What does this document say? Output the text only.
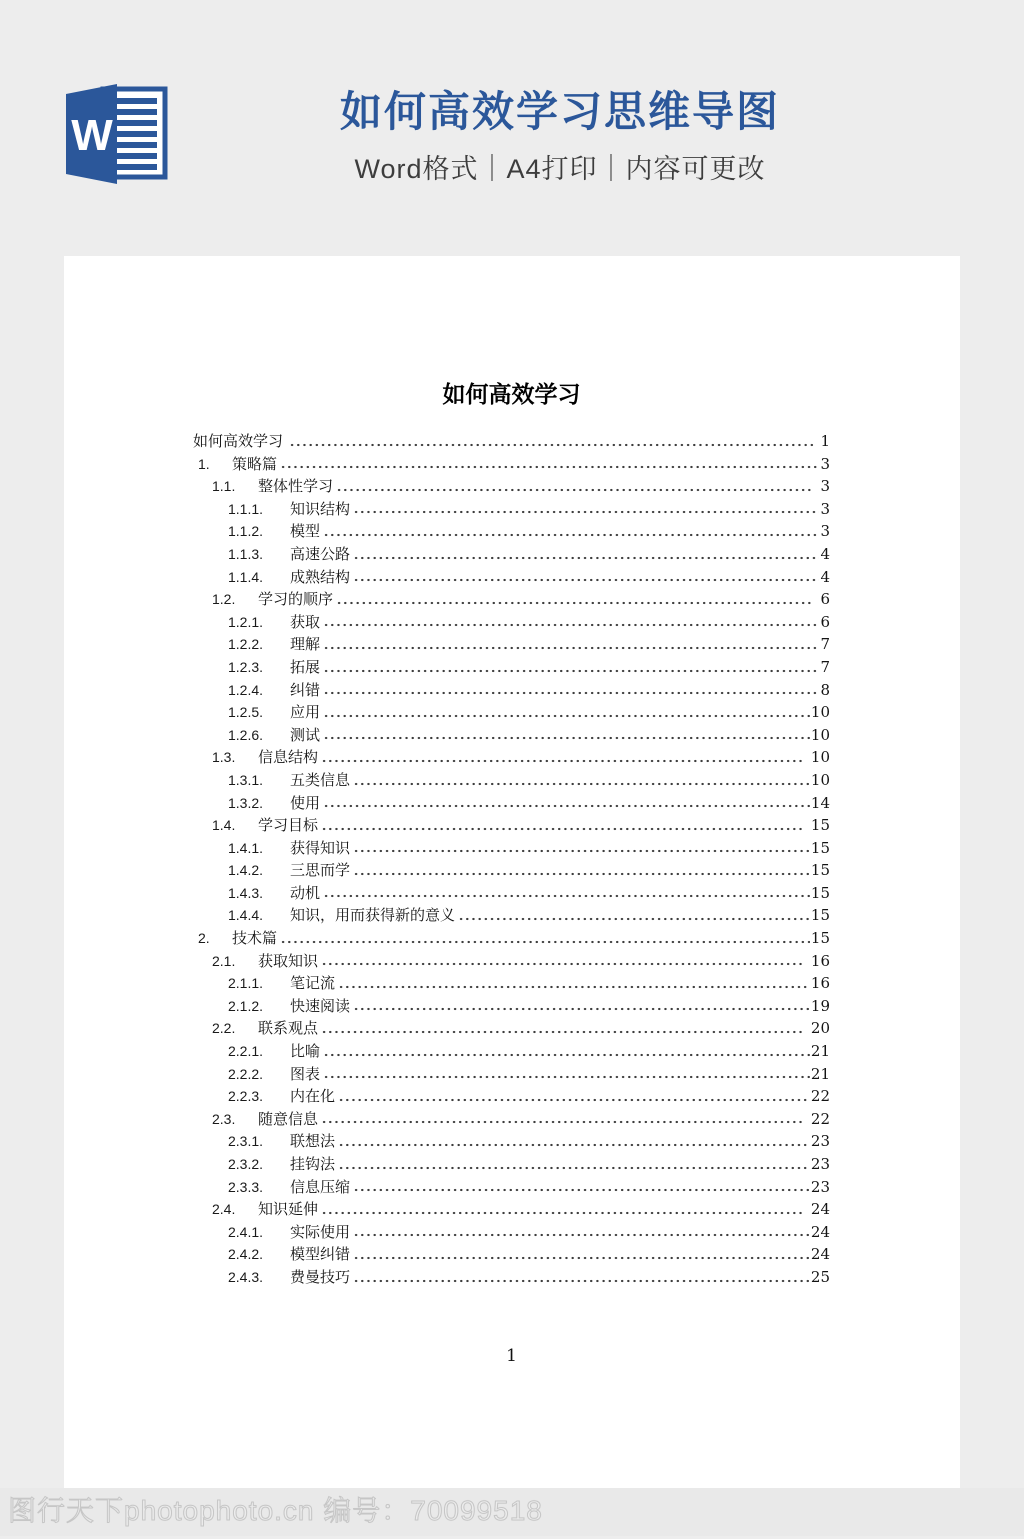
W	如何高效学习思维导图

Word格式｜A4打印｜内容可更改

如何高效学习
如何高效学习	1
1.	策略篇	3
1.1.	整体性学习	3
1.1.1.	知识结构	3
1.1.2.	模型	3
1.1.3.	高速公路	4
1.1.4.	成熟结构	4
1.2.	学习的顺序	6
1.2.1.	获取	6
1.2.2.	理解	7
1.2.3.	拓展	7
1.2.4.	纠错	8
1.2.5.	应用	10
1.2.6.	测试	10
1.3.	信息结构	10
1.3.1.	五类信息	10
1.3.2.	使用	14
1.4.	学习目标	15
1.4.1.	获得知识	15
1.4.2.	三思而学	15
1.4.3.	动机	15
1.4.4.	知识，用而获得新的意义	15
2.	技术篇	15
2.1.	获取知识	16
2.1.1.	笔记流	16
2.1.2.	快速阅读	19
2.2.	联系观点	20
2.2.1.	比喻	21
2.2.2.	图表	21
2.2.3.	内在化	22
2.3.	随意信息	22
2.3.1.	联想法	23
2.3.2.	挂钩法	23
2.3.3.	信息压缩	23
2.4.	知识延伸	24
2.4.1.	实际使用	24
2.4.2.	模型纠错	24
2.4.3.	费曼技巧	25
1
图行天下photophoto.cn 编号：70099518
